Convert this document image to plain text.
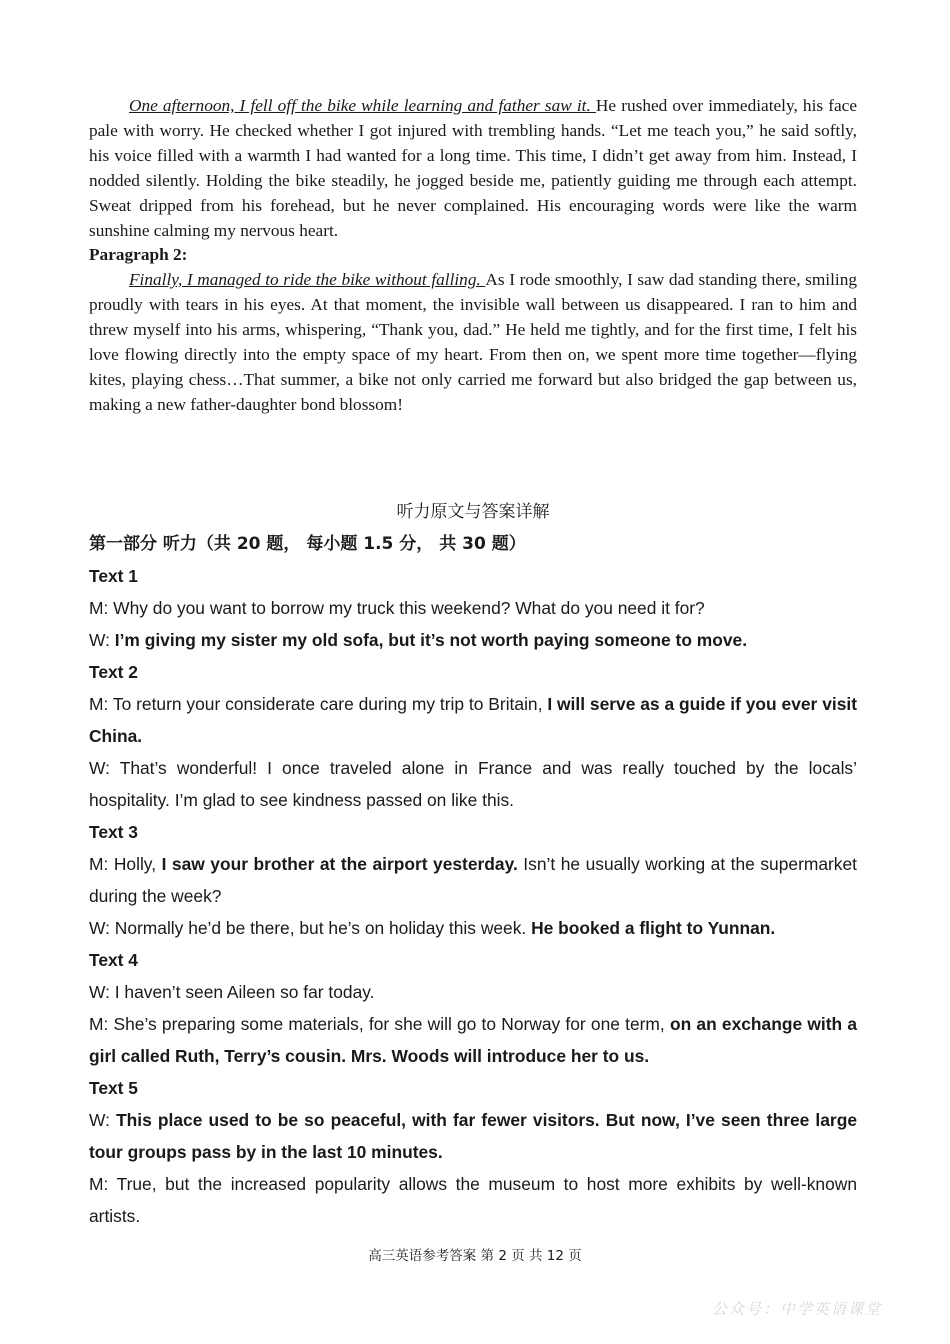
One afternoon, I fell off the bike while learning and father saw it. He rushed over immediately, his face pale with worry. He checked whether I got injured with trembling hands. “Let me teach you,” he said softly, his voice filled with a warmth I had wanted for a long time. This time, I didn’t get away from him. Instead, I nodded silently. Holding the bike steadily, he jogged beside me, patiently guiding me through each attempt. Sweat dripped from his forehead, but he never complained. His encouraging words were like the warm sunshine calming my nervous heart.

Paragraph 2:

Finally, I managed to ride the bike without falling. As I rode smoothly, I saw dad standing there, smiling proudly with tears in his eyes. At that moment, the invisible wall between us disappeared. I ran to him and threw myself into his arms, whispering, “Thank you, dad.” He held me tightly, and for the first time, I felt his love flowing directly into the empty space of my heart. From then on, we spent more time together—flying kites, playing chess…That summer, a bike not only carried me forward but also bridged the gap between us, making a new father-daughter bond blossom!

听力原文与答案详解
第一部分 听力（共 20 题， 每小题 1.5 分， 共 30 题）

Text 1

M: Why do you want to borrow my truck this weekend? What do you need it for?

W: I’m giving my sister my old sofa, but it’s not worth paying someone to move.

Text 2

M: To return your considerate care during my trip to Britain, I will serve as a guide if you ever visit China.

W: That’s wonderful! I once traveled alone in France and was really touched by the locals’ hospitality. I’m glad to see kindness passed on like this.

Text 3

M: Holly, I saw your brother at the airport yesterday. Isn’t he usually working at the supermarket during the week?

W: Normally he’d be there, but he’s on holiday this week. He booked a flight to Yunnan.

Text 4

W: I haven’t seen Aileen so far today.

M: She’s preparing some materials, for she will go to Norway for one term, on an exchange with a girl called Ruth, Terry’s cousin. Mrs. Woods will introduce her to us.

Text 5

W: This place used to be so peaceful, with far fewer visitors. But now, I’ve seen three large tour groups pass by in the last 10 minutes.

M: True, but the increased popularity allows the museum to host more exhibits by well-known artists.

高三英语参考答案 第 2 页 共 12 页
公众号：中学英语课堂
